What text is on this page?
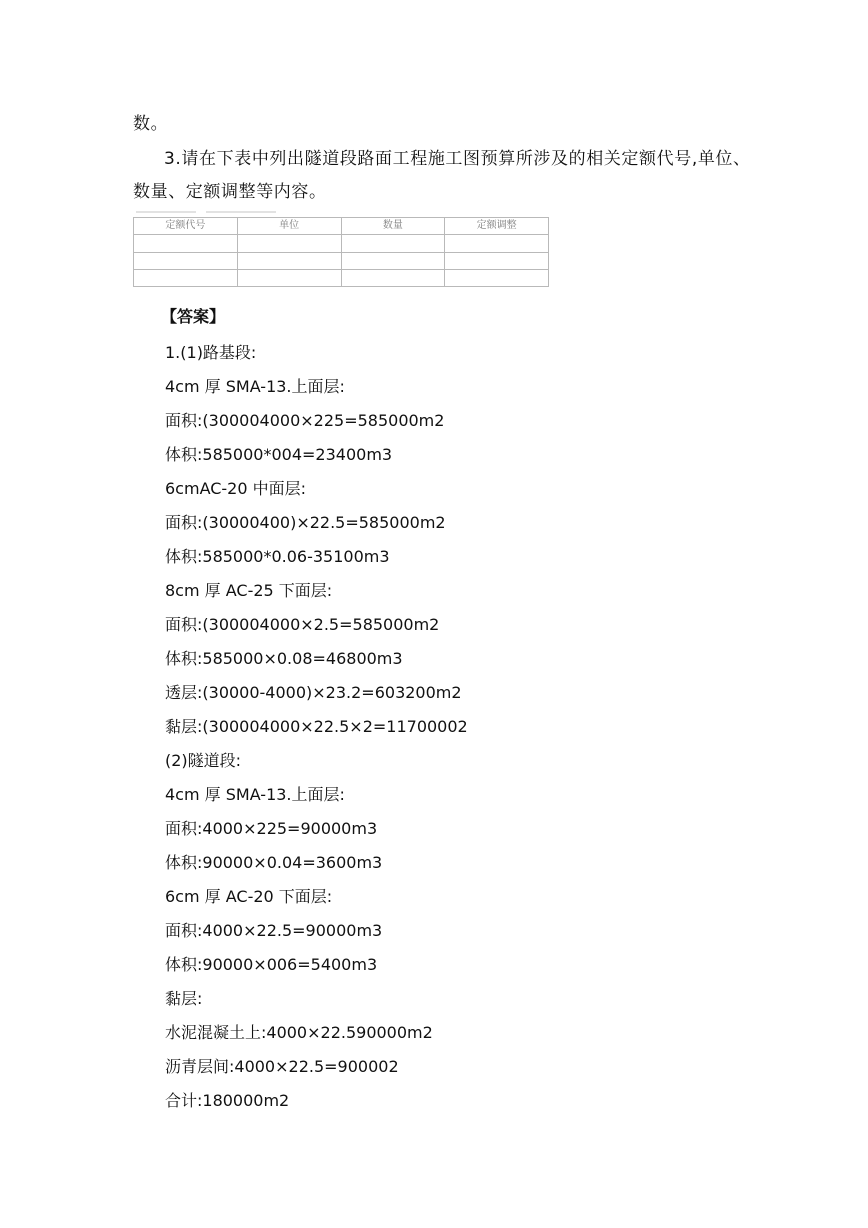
数。
3.请在下表中列出隧道段路面工程施工图预算所涉及的相关定额代号,单位、
数量、定额调整等内容。
定额代号	单位	数量	定额调整

【答案】
1.(1)路基段:
4cm 厚 SMA-13.上面层:
面积:(300004000×225=585000m2
体积:585000*004=23400m3
6cmAC-20 中面层:
面积:(30000400)×22.5=585000m2
体积:585000*0.06-35100m3
8cm 厚 AC-25 下面层:
面积:(300004000×2.5=585000m2
体积:585000×0.08=46800m3
透层:(30000-4000)×23.2=603200m2
黏层:(300004000×22.5×2=11700002
(2)隧道段:
4cm 厚 SMA-13.上面层:
面积:4000×225=90000m3
体积:90000×0.04=3600m3
6cm 厚 AC-20 下面层:
面积:4000×22.5=90000m3
体积:90000×006=5400m3
黏层:
水泥混凝土上:4000×22.590000m2
沥青层间:4000×22.5=900002
合计:180000m2
